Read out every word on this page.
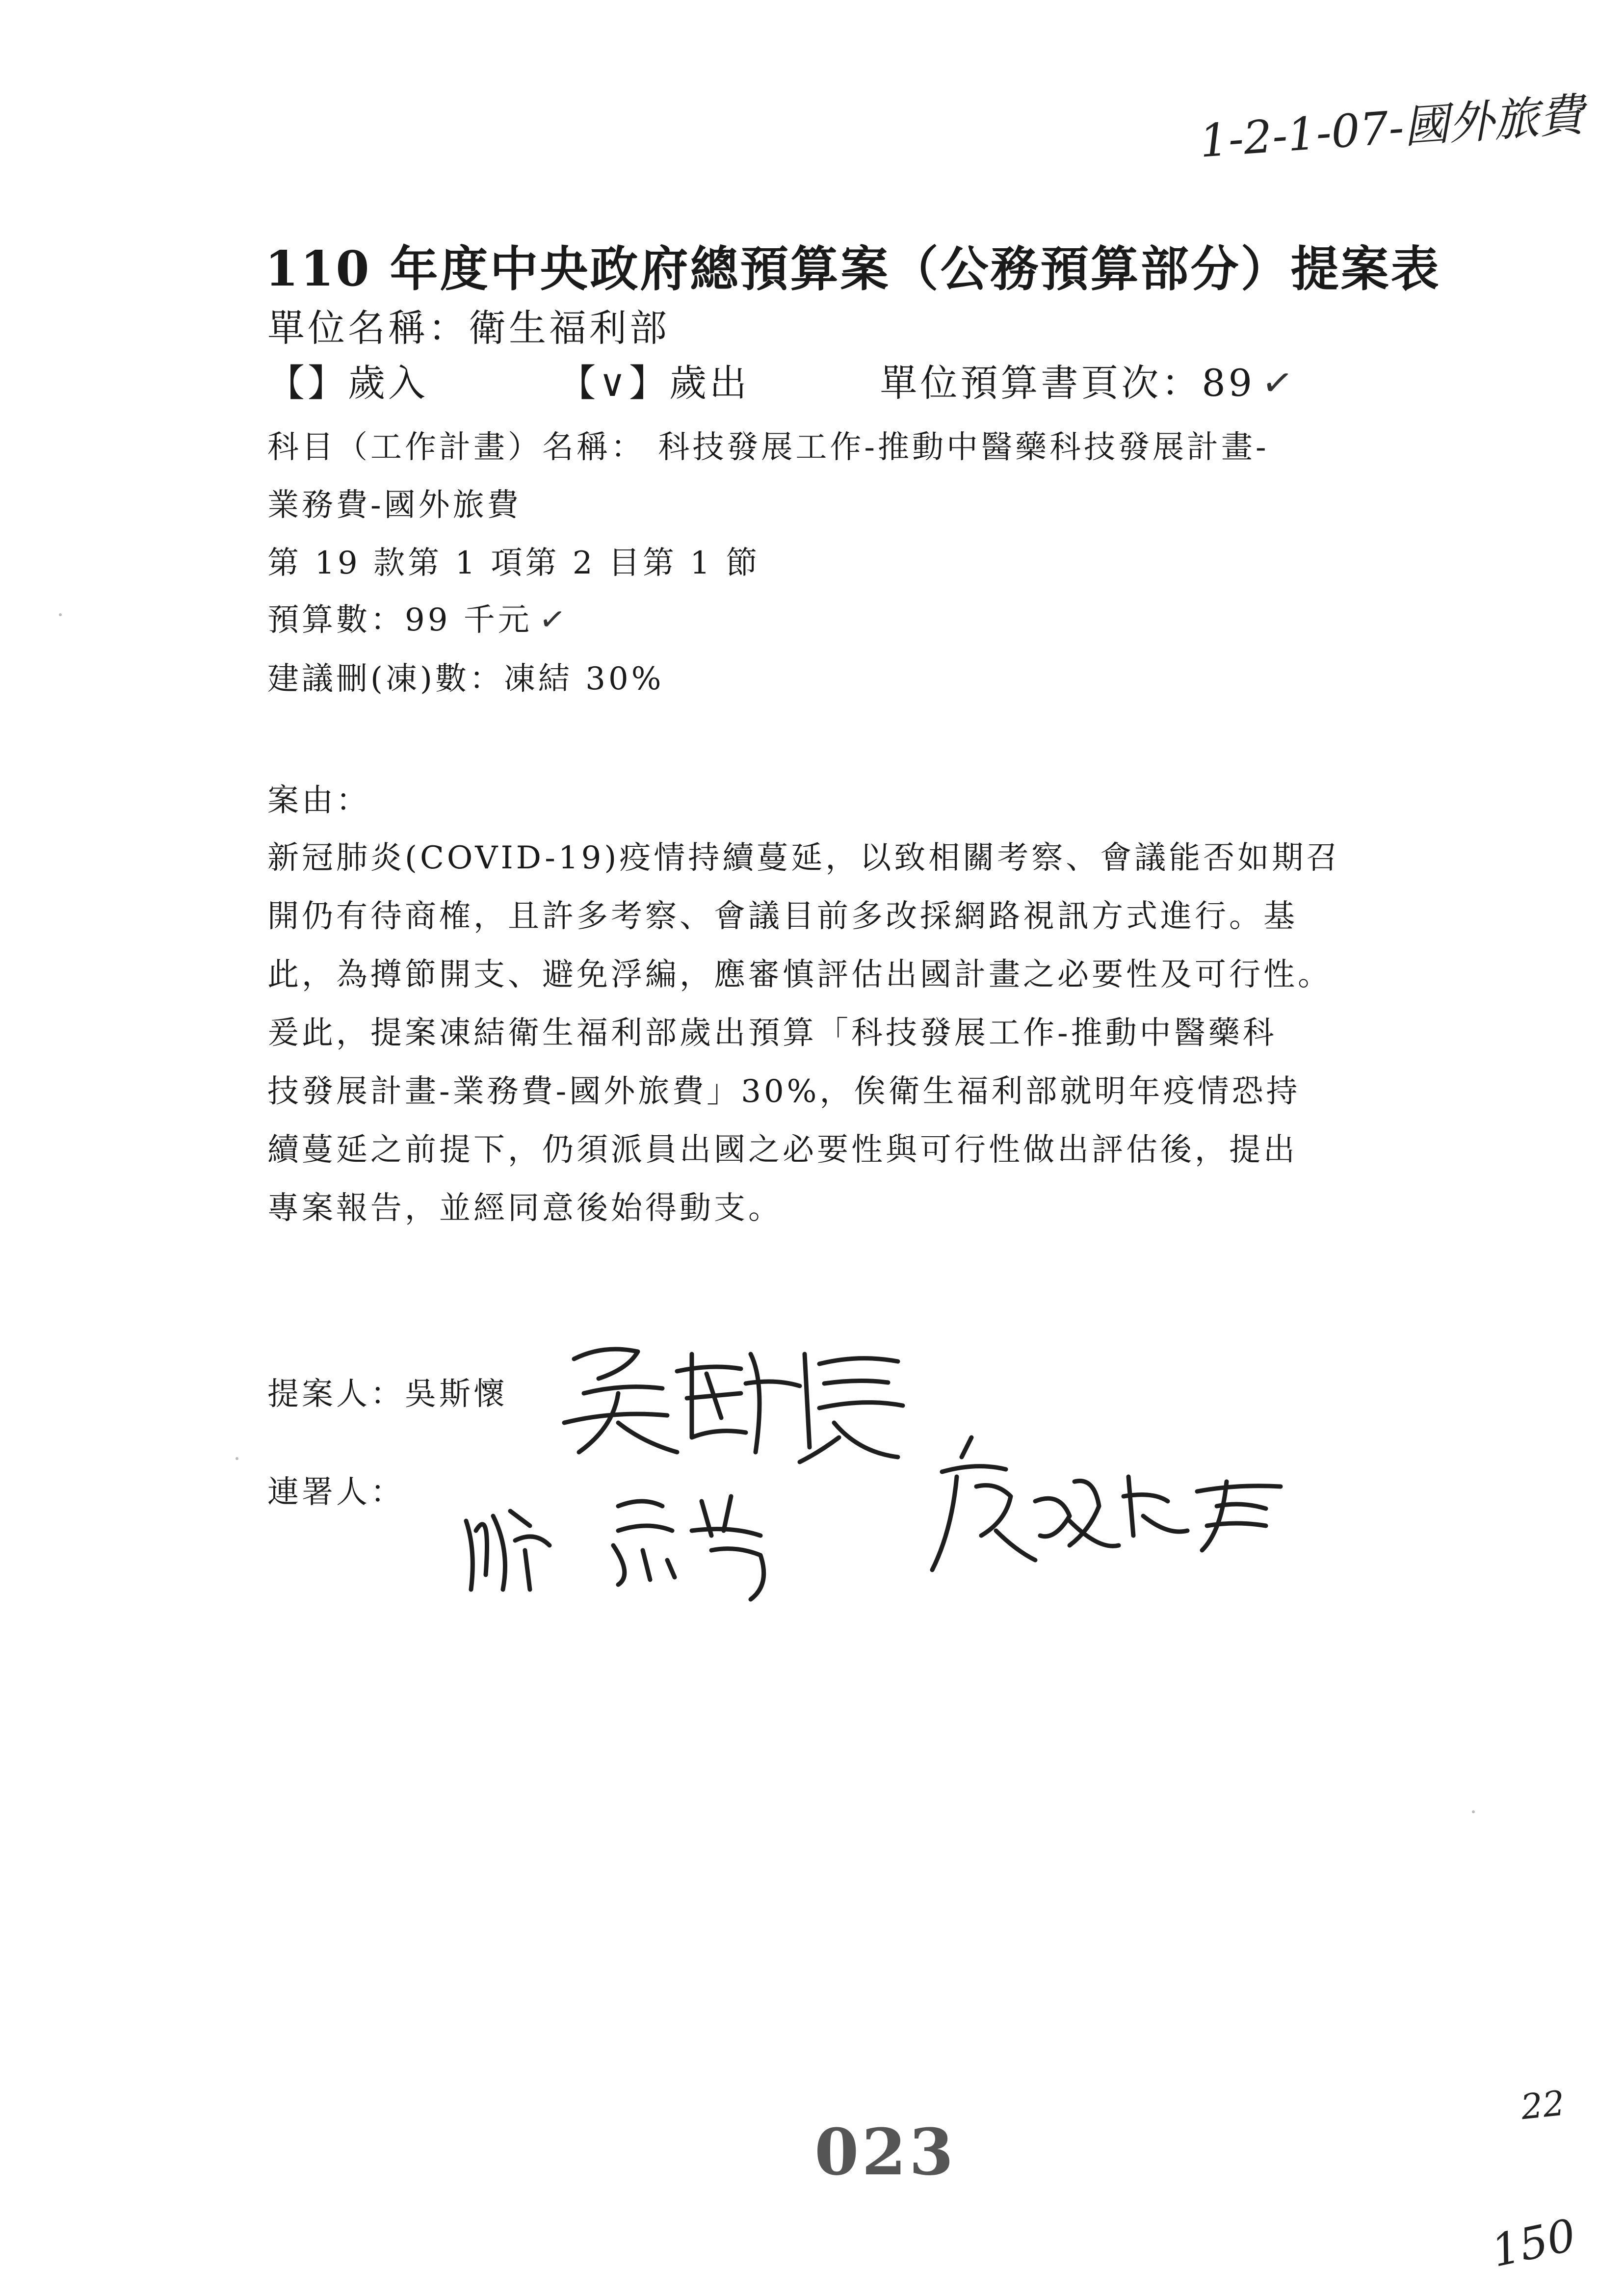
1-2-1-07-國外旅費
110 年度中央政府總預算案（公務預算部分）提案表
單位名稱：衛生福利部
【】歲入	【∨】歲出	單位預算書頁次：89 ✓
科目（工作計畫）名稱： 科技發展工作-推動中醫藥科技發展計畫-
業務費-國外旅費
第 19 款第 1 項第 2 目第 1 節
預算數：99 千元 ✓
建議刪(凍)數：凍結 30%
案由：
新冠肺炎(COVID-19)疫情持續蔓延，以致相關考察、會議能否如期召
開仍有待商榷，且許多考察、會議目前多改採網路視訊方式進行。基
此，為撙節開支、避免浮編，應審慎評估出國計畫之必要性及可行性。
爰此，提案凍結衛生福利部歲出預算「科技發展工作-推動中醫藥科
技發展計畫-業務費-國外旅費」30%，俟衛生福利部就明年疫情恐持
續蔓延之前提下，仍須派員出國之必要性與可行性做出評估後，提出
專案報告，並經同意後始得動支。
提案人：吳斯懷
連署人：
023
22
150
